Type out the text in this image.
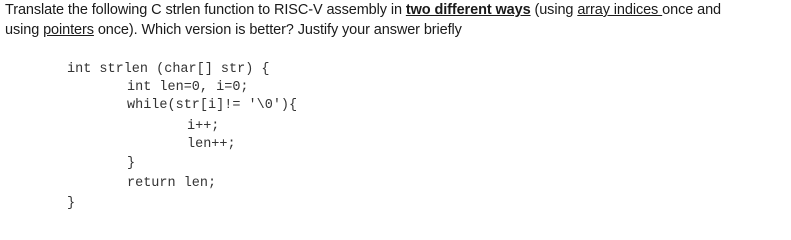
Translate the following C strlen function to RISC-V assembly in two different ways (using array indices once and
using pointers once). Which version is better? Justify your answer briefly
int strlen (char[] str) {
int len=0, i=0;
while(str[i]!= '\0'){
i++;
len++;
}
return len;
}
